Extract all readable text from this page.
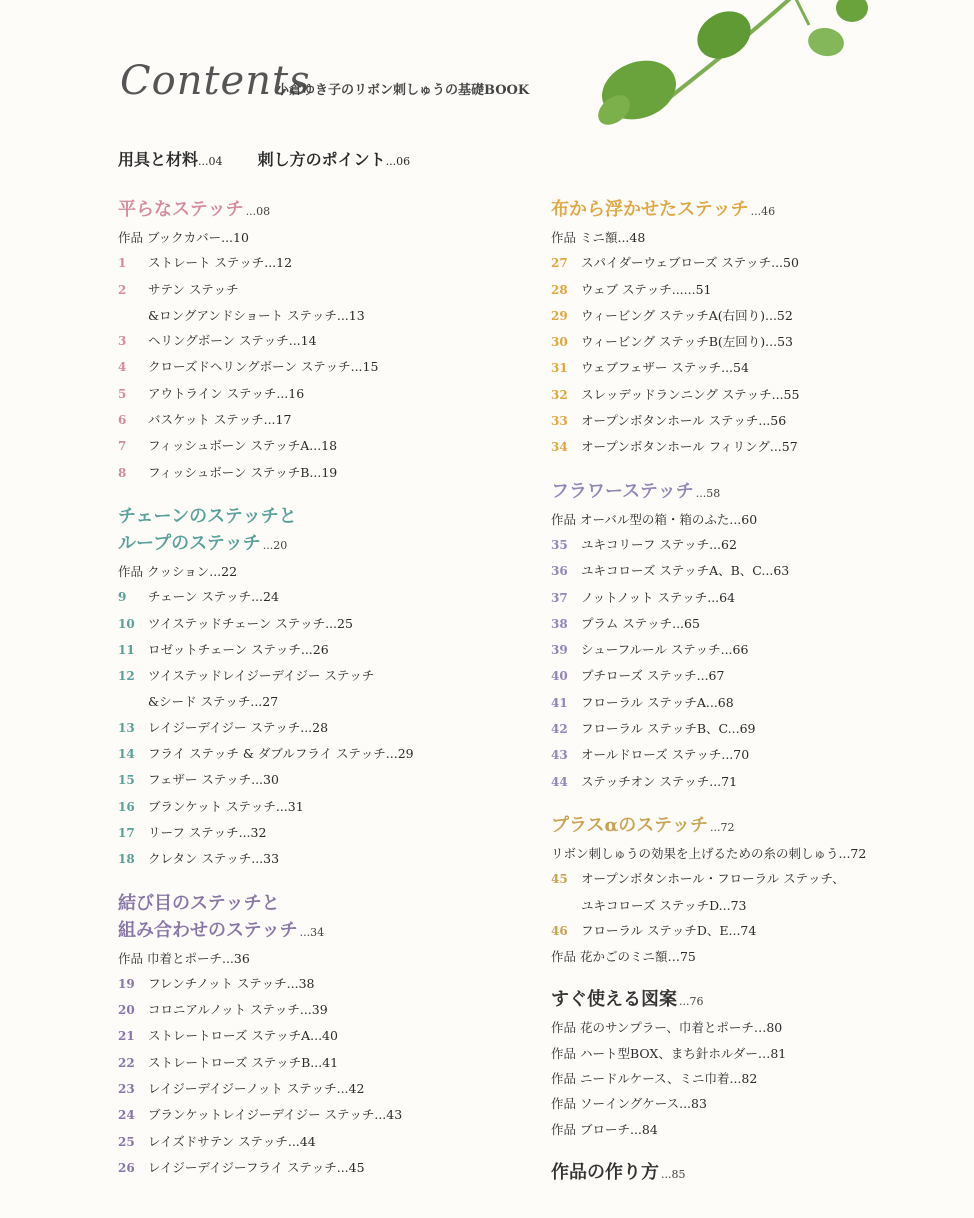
Contents
小倉ゆき子のリボン刺しゅうの基礎BOOK
用具と材料...04 刺し方のポイント...06
平らなステッチ ...08
作品 ブックカバー...10
1 ストレート ステッチ...12
2 サテン ステッチ
&ロングアンドショート ステッチ...13
3 ヘリングボーン ステッチ...14
4 クローズドヘリングボーン ステッチ...15
5 アウトライン ステッチ...16
6 バスケット ステッチ...17
7 フィッシュボーン ステッチA...18
8 フィッシュボーン ステッチB...19
チェーンのステッチと
ループのステッチ ...20
作品 クッション...22
9 チェーン ステッチ...24
10 ツイステッドチェーン ステッチ...25
11 ロゼットチェーン ステッチ...26
12 ツイステッドレイジーデイジー ステッチ
&シード ステッチ...27
13 レイジーデイジー ステッチ...28
14 フライ ステッチ & ダブルフライ ステッチ...29
15 フェザー ステッチ...30
16 ブランケット ステッチ...31
17 リーフ ステッチ...32
18 クレタン ステッチ...33
結び目のステッチと
組み合わせのステッチ ...34
作品 巾着とポーチ...36
19 フレンチノット ステッチ...38
20 コロニアルノット ステッチ...39
21 ストレートローズ ステッチA...40
22 ストレートローズ ステッチB...41
23 レイジーデイジーノット ステッチ...42
24 ブランケットレイジーデイジー ステッチ...43
25 レイズドサテン ステッチ...44
26 レイジーデイジーフライ ステッチ...45
布から浮かせたステッチ ...46
作品 ミニ額...48
27 スパイダーウェブローズ ステッチ...50
28 ウェブ ステッチ......51
29 ウィービング ステッチA(右回り)...52
30 ウィービング ステッチB(左回り)...53
31 ウェブフェザー ステッチ...54
32 スレッデッドランニング ステッチ...55
33 オープンボタンホール ステッチ...56
34 オープンボタンホール フィリング...57
フラワーステッチ ...58
作品 オーバル型の箱・箱のふた...60
35 ユキコリーフ ステッチ...62
36 ユキコローズ ステッチA、B、C...63
37 ノットノット ステッチ...64
38 プラム ステッチ...65
39 シューフルール ステッチ...66
40 プチローズ ステッチ...67
41 フローラル ステッチA...68
42 フローラル ステッチB、C...69
43 オールドローズ ステッチ...70
44 ステッチオン ステッチ...71
プラスαのステッチ ...72
リボン刺しゅうの効果を上げるための糸の刺しゅう...72
45 オープンボタンホール・フローラル ステッチ、
ユキコローズ ステッチD...73
46 フローラル ステッチD、E...74
作品 花かごのミニ額…75
すぐ使える図案 ...76
作品 花のサンプラー、巾着とポーチ…80
作品 ハート型BOX、まち針ホルダー…81
作品 ニードルケース、ミニ巾着...82
作品 ソーイングケース...83
作品 ブローチ...84
作品の作り方 ...85
